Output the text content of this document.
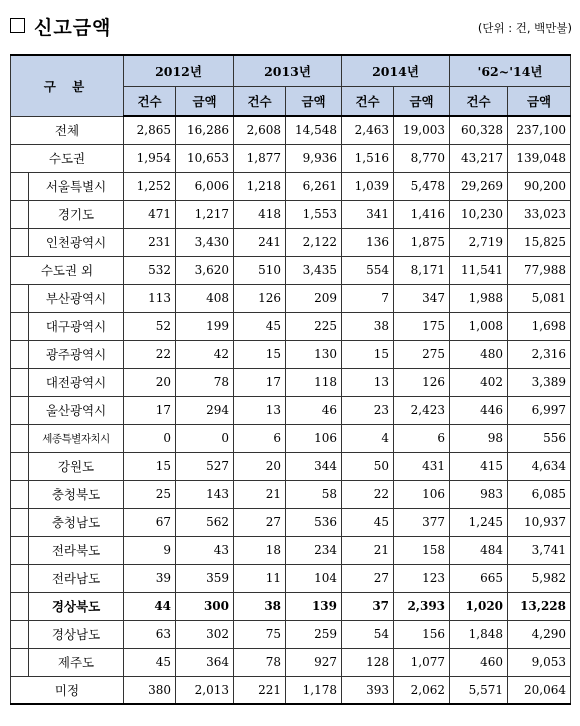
신고금액	(단위 : 건, 백만불)
구 분		2012년		2013년		2014년		'62~'14년	
		건수	금액	건수	금액	건수	금액	건수	금액
전체		2,865	16,286	2,608	14,548	2,463	19,003	60,328	237,100
수도권		1,954	10,653	1,877	9,936	1,516	8,770	43,217	139,048
	서울특별시	1,252	6,006	1,218	6,261	1,039	5,478	29,269	90,200
	경기도	471	1,217	418	1,553	341	1,416	10,230	33,023
	인천광역시	231	3,430	241	2,122	136	1,875	2,719	15,825
수도권 외		532	3,620	510	3,435	554	8,171	11,541	77,988
	부산광역시	113	408	126	209	7	347	1,988	5,081
	대구광역시	52	199	45	225	38	175	1,008	1,698
	광주광역시	22	42	15	130	15	275	480	2,316
	대전광역시	20	78	17	118	13	126	402	3,389
	울산광역시	17	294	13	46	23	2,423	446	6,997
	세종특별자치시	0	0	6	106	4	6	98	556
	강원도	15	527	20	344	50	431	415	4,634
	충청북도	25	143	21	58	22	106	983	6,085
	충청남도	67	562	27	536	45	377	1,245	10,937
	전라북도	9	43	18	234	21	158	484	3,741
	전라남도	39	359	11	104	27	123	665	5,982
	경상북도	44	300	38	139	37	2,393	1,020	13,228
	경상남도	63	302	75	259	54	156	1,848	4,290
	제주도	45	364	78	927	128	1,077	460	9,053
미정		380	2,013	221	1,178	393	2,062	5,571	20,064
